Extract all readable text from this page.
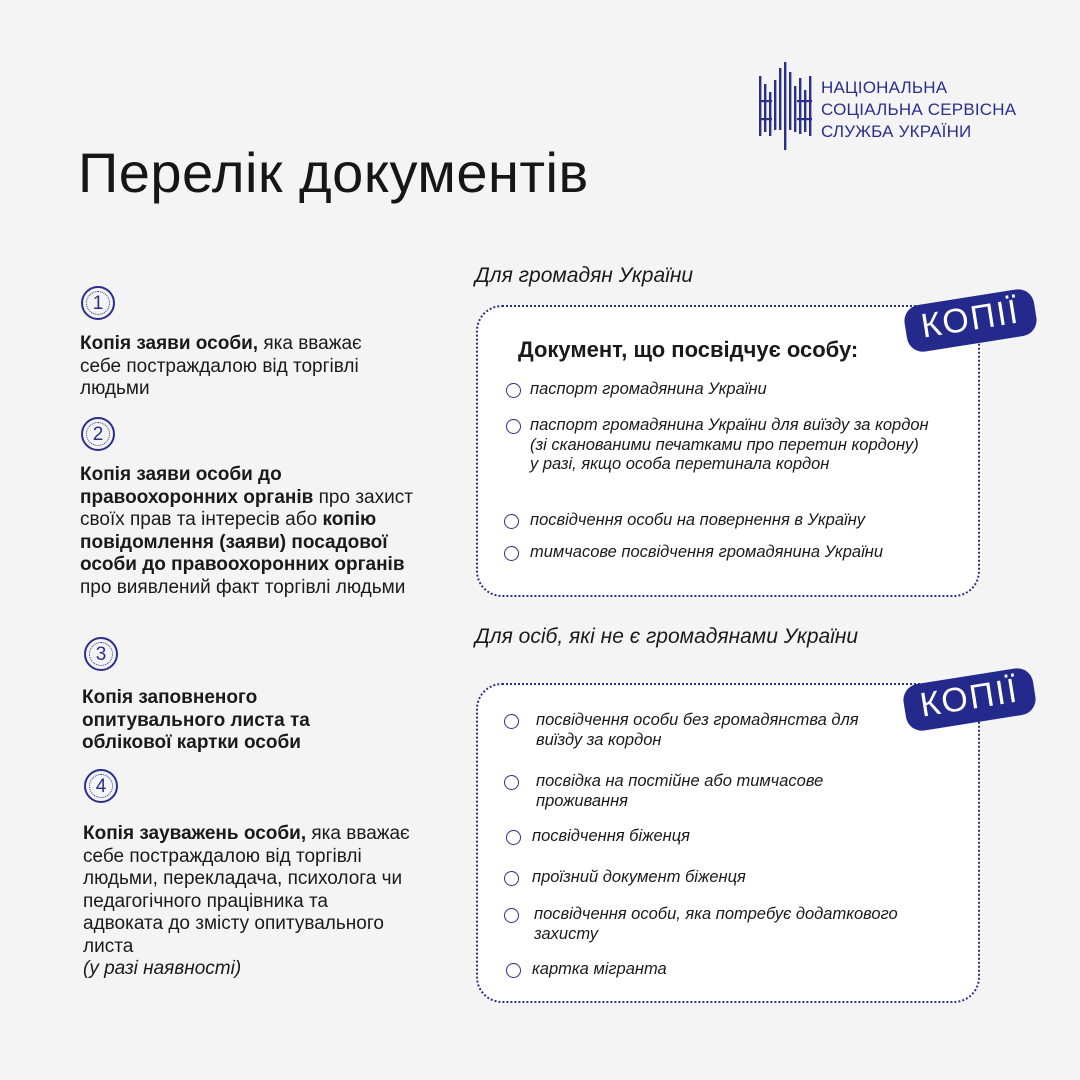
НАЦІОНАЛЬНА
СОЦІАЛЬНА СЕРВІСНА
СЛУЖБА УКРАЇНИ
Перелік документів
1
Копія заяви особи, яка вважає себе постраждалою від торгівлі людьми
2
Копія заяви особи до правоохоронних органів про захист своїх прав та інтересів або копію повідомлення (заяви) посадової особи до правоохоронних органів про виявлений факт торгівлі людьми
3
Копія заповненого опитувального листа та облікової картки особи
4
Копія зауважень особи, яка вважає себе постраждалою від торгівлі людьми, перекладача, психолога чи педагогічного працівника та адвоката до змісту опитувального листа
(у разі наявності)
Для громадян України
Документ, що посвідчує особу:
паспорт громадянина України
паспорт громадянина України для виїзду за кордон (зі сканованими печатками про перетин кордону) у разі, якщо особа перетинала кордон
посвідчення особи на повернення в Україну
тимчасове посвідчення громадянина України
КОПІЇ
Для осіб, які не є громадянами України
посвідчення особи без громадянства для виїзду за кордон
посвідка на постійне або тимчасове проживання
посвідчення біженця
проїзний документ біженця
посвідчення особи, яка потребує додаткового захисту
картка мігранта
КОПІЇ
